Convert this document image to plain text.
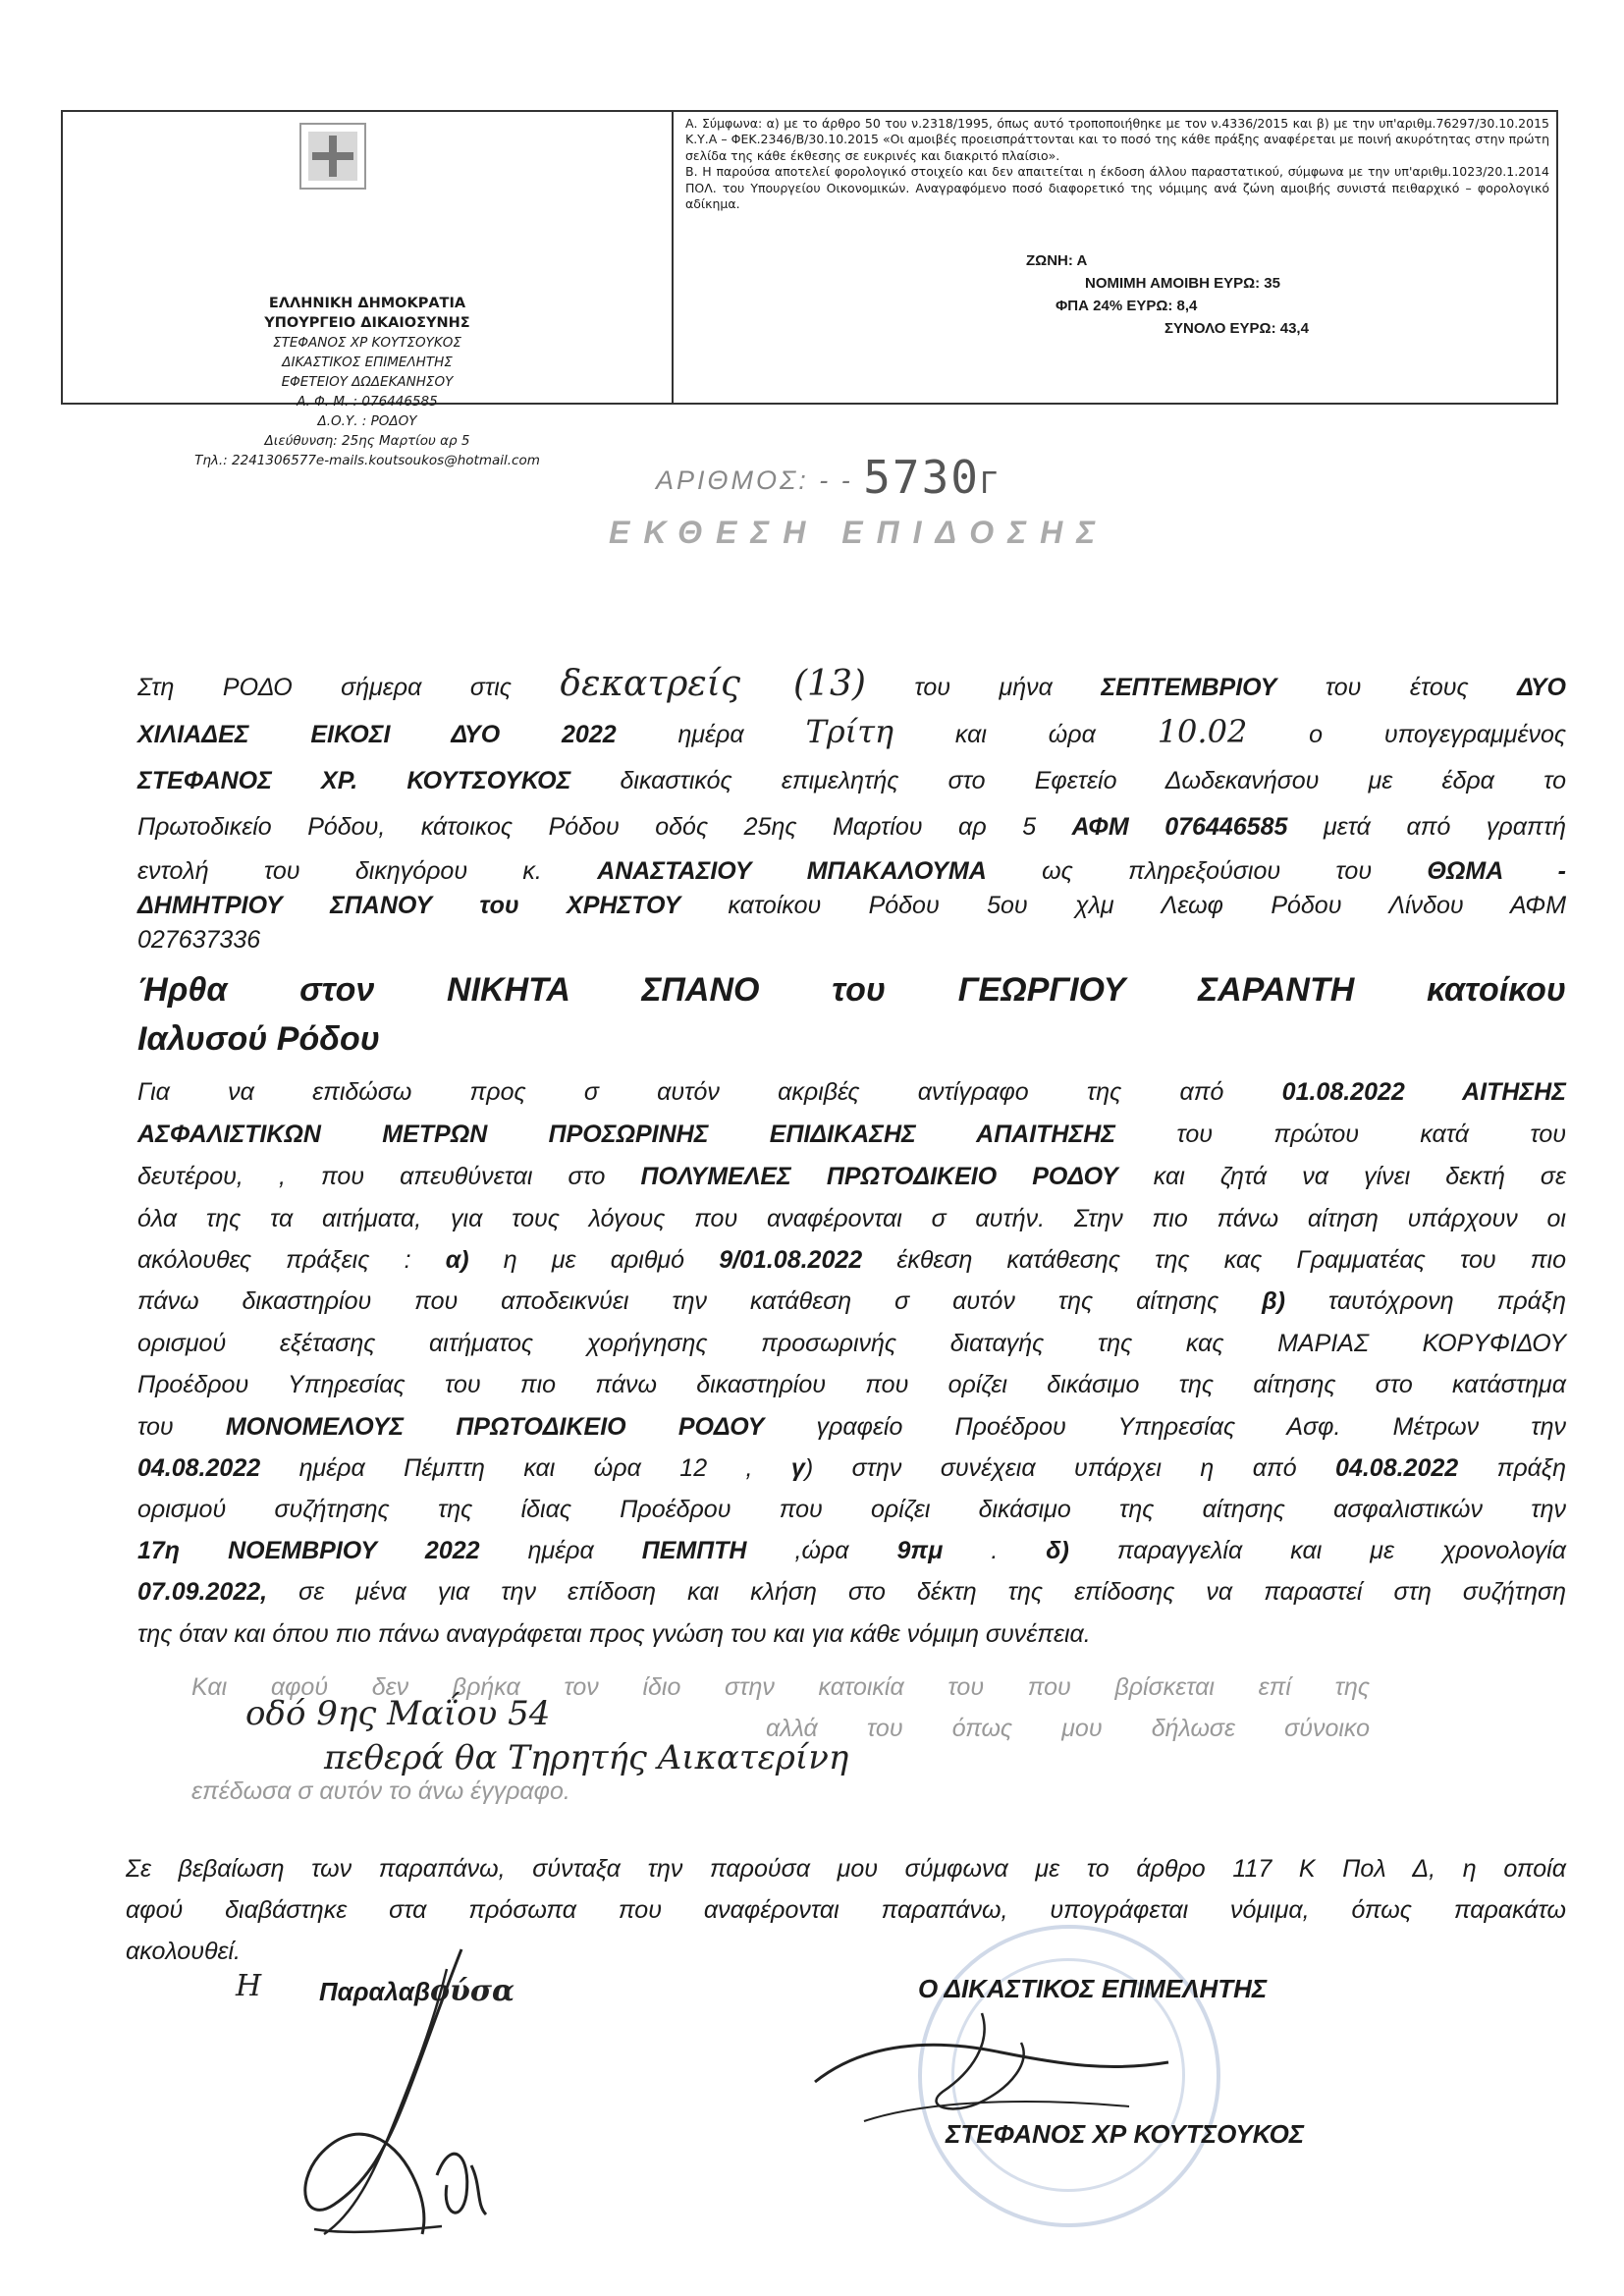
ΕΛΛΗΝΙΚΗ ΔΗΜΟΚΡΑΤΙΑ
ΥΠΟΥΡΓΕΙΟ ΔΙΚΑΙΟΣΥΝΗΣ
ΣΤΕΦΑΝΟΣ ΧΡ ΚΟΥΤΣΟΥΚΟΣ
ΔΙΚΑΣΤΙΚΟΣ ΕΠΙΜΕΛΗΤΗΣ
ΕΦΕΤΕΙΟΥ ΔΩΔΕΚΑΝΗΣΟΥ
Α. Φ. Μ. : 076446585
Δ.Ο.Υ. : ΡΟΔΟΥ
Διεύθυνση: 25ης Μαρτίου αρ 5
Τηλ.: 2241306577e-mails.koutsoukos@hotmail.com
Α. Σύμφωνα: α) με το άρθρο 50 του ν.2318/1995, όπως αυτό τροποποιήθηκε με τον ν.4336/2015 και β) με την υπ'αριθμ.76297/30.10.2015 Κ.Υ.Α – ΦΕΚ.2346/Β/30.10.2015 «Οι αμοιβές προεισπράττονται και το ποσό της κάθε πράξης αναφέρεται με ποινή ακυρότητας στην πρώτη σελίδα της κάθε έκθεσης σε ευκρινές και διακριτό πλαίσιο».
Β. Η παρούσα αποτελεί φορολογικό στοιχείο και δεν απαιτείται η έκδοση άλλου παραστατικού, σύμφωνα με την υπ'αριθμ.1023/20.1.2014 ΠΟΛ. του Υπουργείου Οικονομικών. Αναγραφόμενο ποσό διαφορετικό της νόμιμης ανά ζώνη αμοιβής συνιστά πειθαρχικό – φορολογικό αδίκημα.
ΖΩΝΗ: Α
ΝΟΜΙΜΗ ΑΜΟΙΒΗ ΕΥΡΩ: 35
ΦΠΑ 24% ΕΥΡΩ: 8,4
ΣΥΝΟΛΟ ΕΥΡΩ: 43,4
ΑΡΙΘΜΟΣ: ‑ ‑ 5730Γ
ΕΚΘΕΣΗ ΕΠΙΔΟΣΗΣ
Στη ΡΟΔΟ σήμερα στις δεκατρείς (13) του μήνα ΣΕΠΤΕΜΒΡΙΟΥ του έτους ΔΥΟ
ΧΙΛΙΑΔΕΣ ΕΙΚΟΣΙ ΔΥΟ 2022 ημέρα Τρίτη και ώρα 10.02 ο υπογεγραμμένος
ΣΤΕΦΑΝΟΣ ΧΡ. ΚΟΥΤΣΟΥΚΟΣ δικαστικός επιμελητής στο Εφετείο Δωδεκανήσου με έδρα το
Πρωτοδικείο Ρόδου, κάτοικος Ρόδου οδός 25ης Μαρτίου αρ 5 ΑΦΜ 076446585 μετά από γραπτή
εντολή του δικηγόρου κ. ΑΝΑΣΤΑΣΙΟΥ ΜΠΑΚΑΛΟΥΜΑ ως πληρεξούσιου του ΘΩΜΑ -
ΔΗΜΗΤΡΙΟΥ ΣΠΑΝΟΥ του ΧΡΗΣΤΟΥ κατοίκου Ρόδου 5ου χλμ Λεωφ Ρόδου Λίνδου ΑΦΜ
027637336
Ήρθα στον ΝΙΚΗΤΑ ΣΠΑΝΟ του ΓΕΩΡΓΙΟΥ ΣΑΡΑΝΤΗ κατοίκου
Ιαλυσού Ρόδου
Για να επιδώσω προς σ αυτόν ακριβές αντίγραφο της από 01.08.2022 ΑΙΤΗΣΗΣ
ΑΣΦΑΛΙΣΤΙΚΩΝ ΜΕΤΡΩΝ ΠΡΟΣΩΡΙΝΗΣ ΕΠΙΔΙΚΑΣΗΣ ΑΠΑΙΤΗΣΗΣ του πρώτου κατά του
δευτέρου, , που απευθύνεται στο ΠΟΛΥΜΕΛΕΣ ΠΡΩΤΟΔΙΚΕΙΟ ΡΟΔΟΥ και ζητά να γίνει δεκτή σε
όλα της τα αιτήματα, για τους λόγους που αναφέρονται σ αυτήν. Στην πιο πάνω αίτηση υπάρχουν οι
ακόλουθες πράξεις : α) η με αριθμό 9/01.08.2022 έκθεση κατάθεσης της κας Γραμματέας του πιο
πάνω δικαστηρίου που αποδεικνύει την κατάθεση σ αυτόν της αίτησης β) ταυτόχρονη πράξη
ορισμού εξέτασης αιτήματος χορήγησης προσωρινής διαταγής της κας ΜΑΡΙΑΣ ΚΟΡΥΦΙΔΟΥ
Προέδρου Υπηρεσίας του πιο πάνω δικαστηρίου που ορίζει δικάσιμο της αίτησης στο κατάστημα
του ΜΟΝΟΜΕΛΟΥΣ ΠΡΩΤΟΔΙΚΕΙΟ ΡΟΔΟΥ γραφείο Προέδρου Υπηρεσίας Ασφ. Μέτρων την
04.08.2022 ημέρα Πέμπτη και ώρα 12 , γ) στην συνέχεια υπάρχει η από 04.08.2022 πράξη
ορισμού συζήτησης της ίδιας Προέδρου που ορίζει δικάσιμο της αίτησης ασφαλιστικών την
17η ΝΟΕΜΒΡΙΟΥ 2022 ημέρα ΠΕΜΠΤΗ ,ώρα 9πμ . δ) παραγγελία και με χρονολογία
07.09.2022, σε μένα για την επίδοση και κλήση στο δέκτη της επίδοσης να παραστεί στη συζήτηση
της όταν και όπου πιο πάνω αναγράφεται προς γνώση του και για κάθε νόμιμη συνέπεια.
Και αφού δεν βρήκα τον ίδιο στην κατοικία του που βρίσκεται επί της
αλλά του όπως μου δήλωσε σύνοικο
επέδωσα σ αυτόν το άνω έγγραφο.
οδό 9ης Μαΐου 54
πεθερά θα Τηρητής Αικατερίνη
Σε βεβαίωση των παραπάνω, σύνταξα την παρούσα μου σύμφωνα με το άρθρο 117 Κ Πολ Δ, η οποία
αφού διαβάστηκε στα πρόσωπα που αναφέρονται παραπάνω, υπογράφεται νόμιμα, όπως παρακάτω
ακολουθεί.
Η Παραλαβούσα	Ο ΔΙΚΑΣΤΙΚΟΣ ΕΠΙΜΕΛΗΤΗΣ
ΣΤΕΦΑΝΟΣ ΧΡ ΚΟΥΤΣΟΥΚΟΣ
